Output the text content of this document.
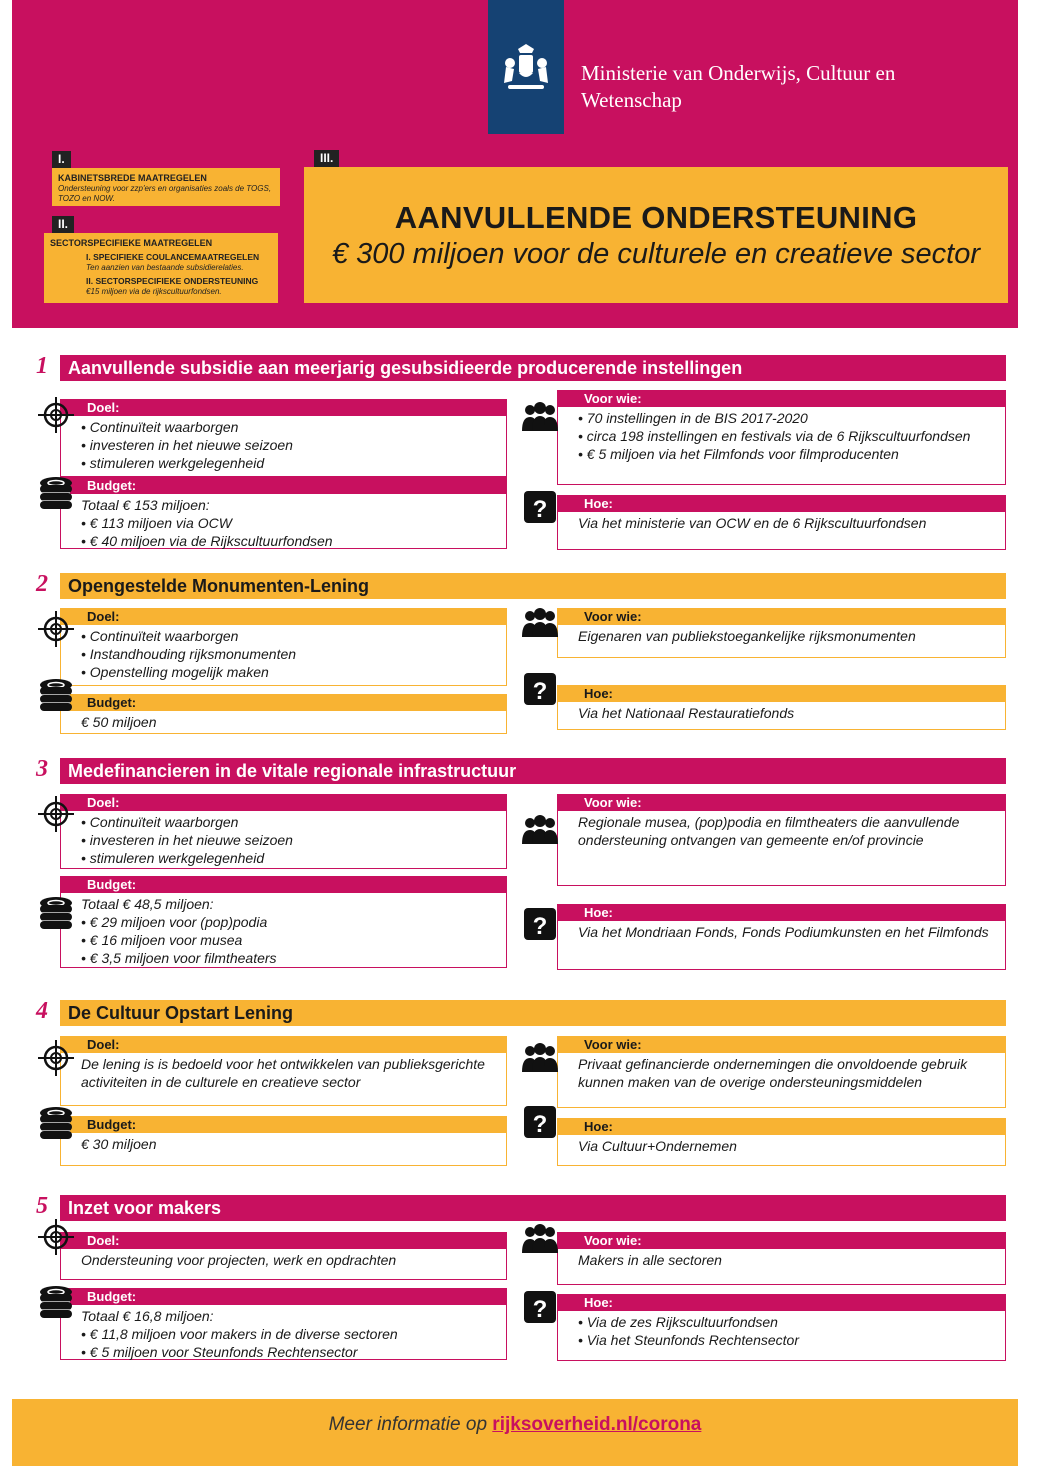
Ministerie van Onderwijs, Cultuur en Wetenschap
I.
KABINETSBREDE MAATREGELEN
Ondersteuning voor zzp'ers en organisaties zoals de TOGS, TOZO en NOW.
II.
SECTORSPECIFIEKE MAATREGELEN
I. SPECIFIEKE COULANCEMAATREGELEN
Ten aanzien van bestaande subsidierelaties.
II. SECTORSPECIFIEKE ONDERSTEUNING
€15 miljoen via de rijkscultuurfondsen.
III.
AANVULLENDE ONDERSTEUNING
€ 300 miljoen voor de culturele en creatieve sector
1	Aanvullende subsidie aan meerjarig gesubsidieerde producerende instellingen
Doel:
• Continuïteit waarborgen
• investeren in het nieuwe seizoen
• stimuleren werkgelegenheid
Budget:
Totaal € 153 miljoen:
• € 113 miljoen via OCW
• € 40 miljoen via de Rijkscultuurfondsen
Voor wie:
• 70 instellingen in de BIS 2017-2020
• circa 198 instellingen en festivals via de 6 Rijkscultuurfondsen
• € 5 miljoen via het Filmfonds voor filmproducenten
Hoe:
Via het ministerie van OCW en de 6 Rijkscultuurfondsen
?
2	Opengestelde Monumenten-Lening
Doel:
• Continuïteit waarborgen
• Instandhouding rijksmonumenten
• Openstelling mogelijk maken
Budget:
€ 50 miljoen
Voor wie:
Eigenaren van publiekstoegankelijke rijksmonumenten
Hoe:
Via het Nationaal Restauratiefonds
?
3	Medefinancieren in de vitale regionale infrastructuur
Doel:
• Continuïteit waarborgen
• investeren in het nieuwe seizoen
• stimuleren werkgelegenheid
Budget:
Totaal € 48,5 miljoen:
• € 29 miljoen voor (pop)podia
• € 16 miljoen voor musea
• € 3,5 miljoen voor filmtheaters
Voor wie:
Regionale musea, (pop)podia en filmtheaters die aanvullende
ondersteuning ontvangen van gemeente en/of provincie
Hoe:
Via het Mondriaan Fonds, Fonds Podiumkunsten en het Filmfonds
?
4	De Cultuur Opstart Lening
Doel:
De lening is is bedoeld voor het ontwikkelen van publieksgerichte
activiteiten in de culturele en creatieve sector
Budget:
€ 30 miljoen
Voor wie:
Privaat gefinancierde ondernemingen die onvoldoende gebruik
kunnen maken van de overige ondersteuningsmiddelen
Hoe:
Via Cultuur+Ondernemen
?
5	Inzet voor makers
Doel:
Ondersteuning voor projecten, werk en opdrachten
Budget:
Totaal € 16,8 miljoen:
• € 11,8 miljoen voor makers in de diverse sectoren
• € 5 miljoen voor Steunfonds Rechtensector
Voor wie:
Makers in alle sectoren
Hoe:
• Via de zes Rijkscultuurfondsen
• Via het Steunfonds Rechtensector
?
Meer informatie op rijksoverheid.nl/corona
